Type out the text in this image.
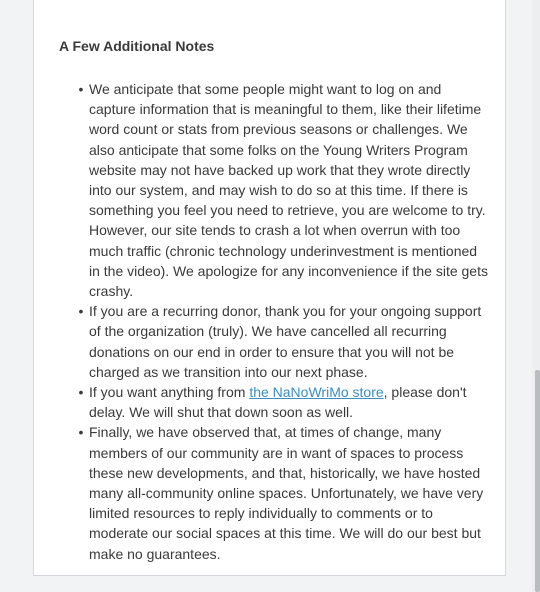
A Few Additional Notes
• We anticipate that some people might want to log on and capture information that is meaningful to them, like their lifetime word count or stats from previous seasons or challenges. We also anticipate that some folks on the Young Writers Program website may not have backed up work that they wrote directly into our system, and may wish to do so at this time. If there is something you feel you need to retrieve, you are welcome to try. However, our site tends to crash a lot when overrun with too much traffic (chronic technology underinvestment is mentioned in the video). We apologize for any inconvenience if the site gets crashy.
• If you are a recurring donor, thank you for your ongoing support of the organization (truly). We have cancelled all recurring donations on our end in order to ensure that you will not be charged as we transition into our next phase.
• If you want anything from the NaNoWriMo store, please don't delay. We will shut that down soon as well.
• Finally, we have observed that, at times of change, many members of our community are in want of spaces to process these new developments, and that, historically, we have hosted many all-community online spaces. Unfortunately, we have very limited resources to reply individually to comments or to moderate our social spaces at this time. We will do our best but make no guarantees.
